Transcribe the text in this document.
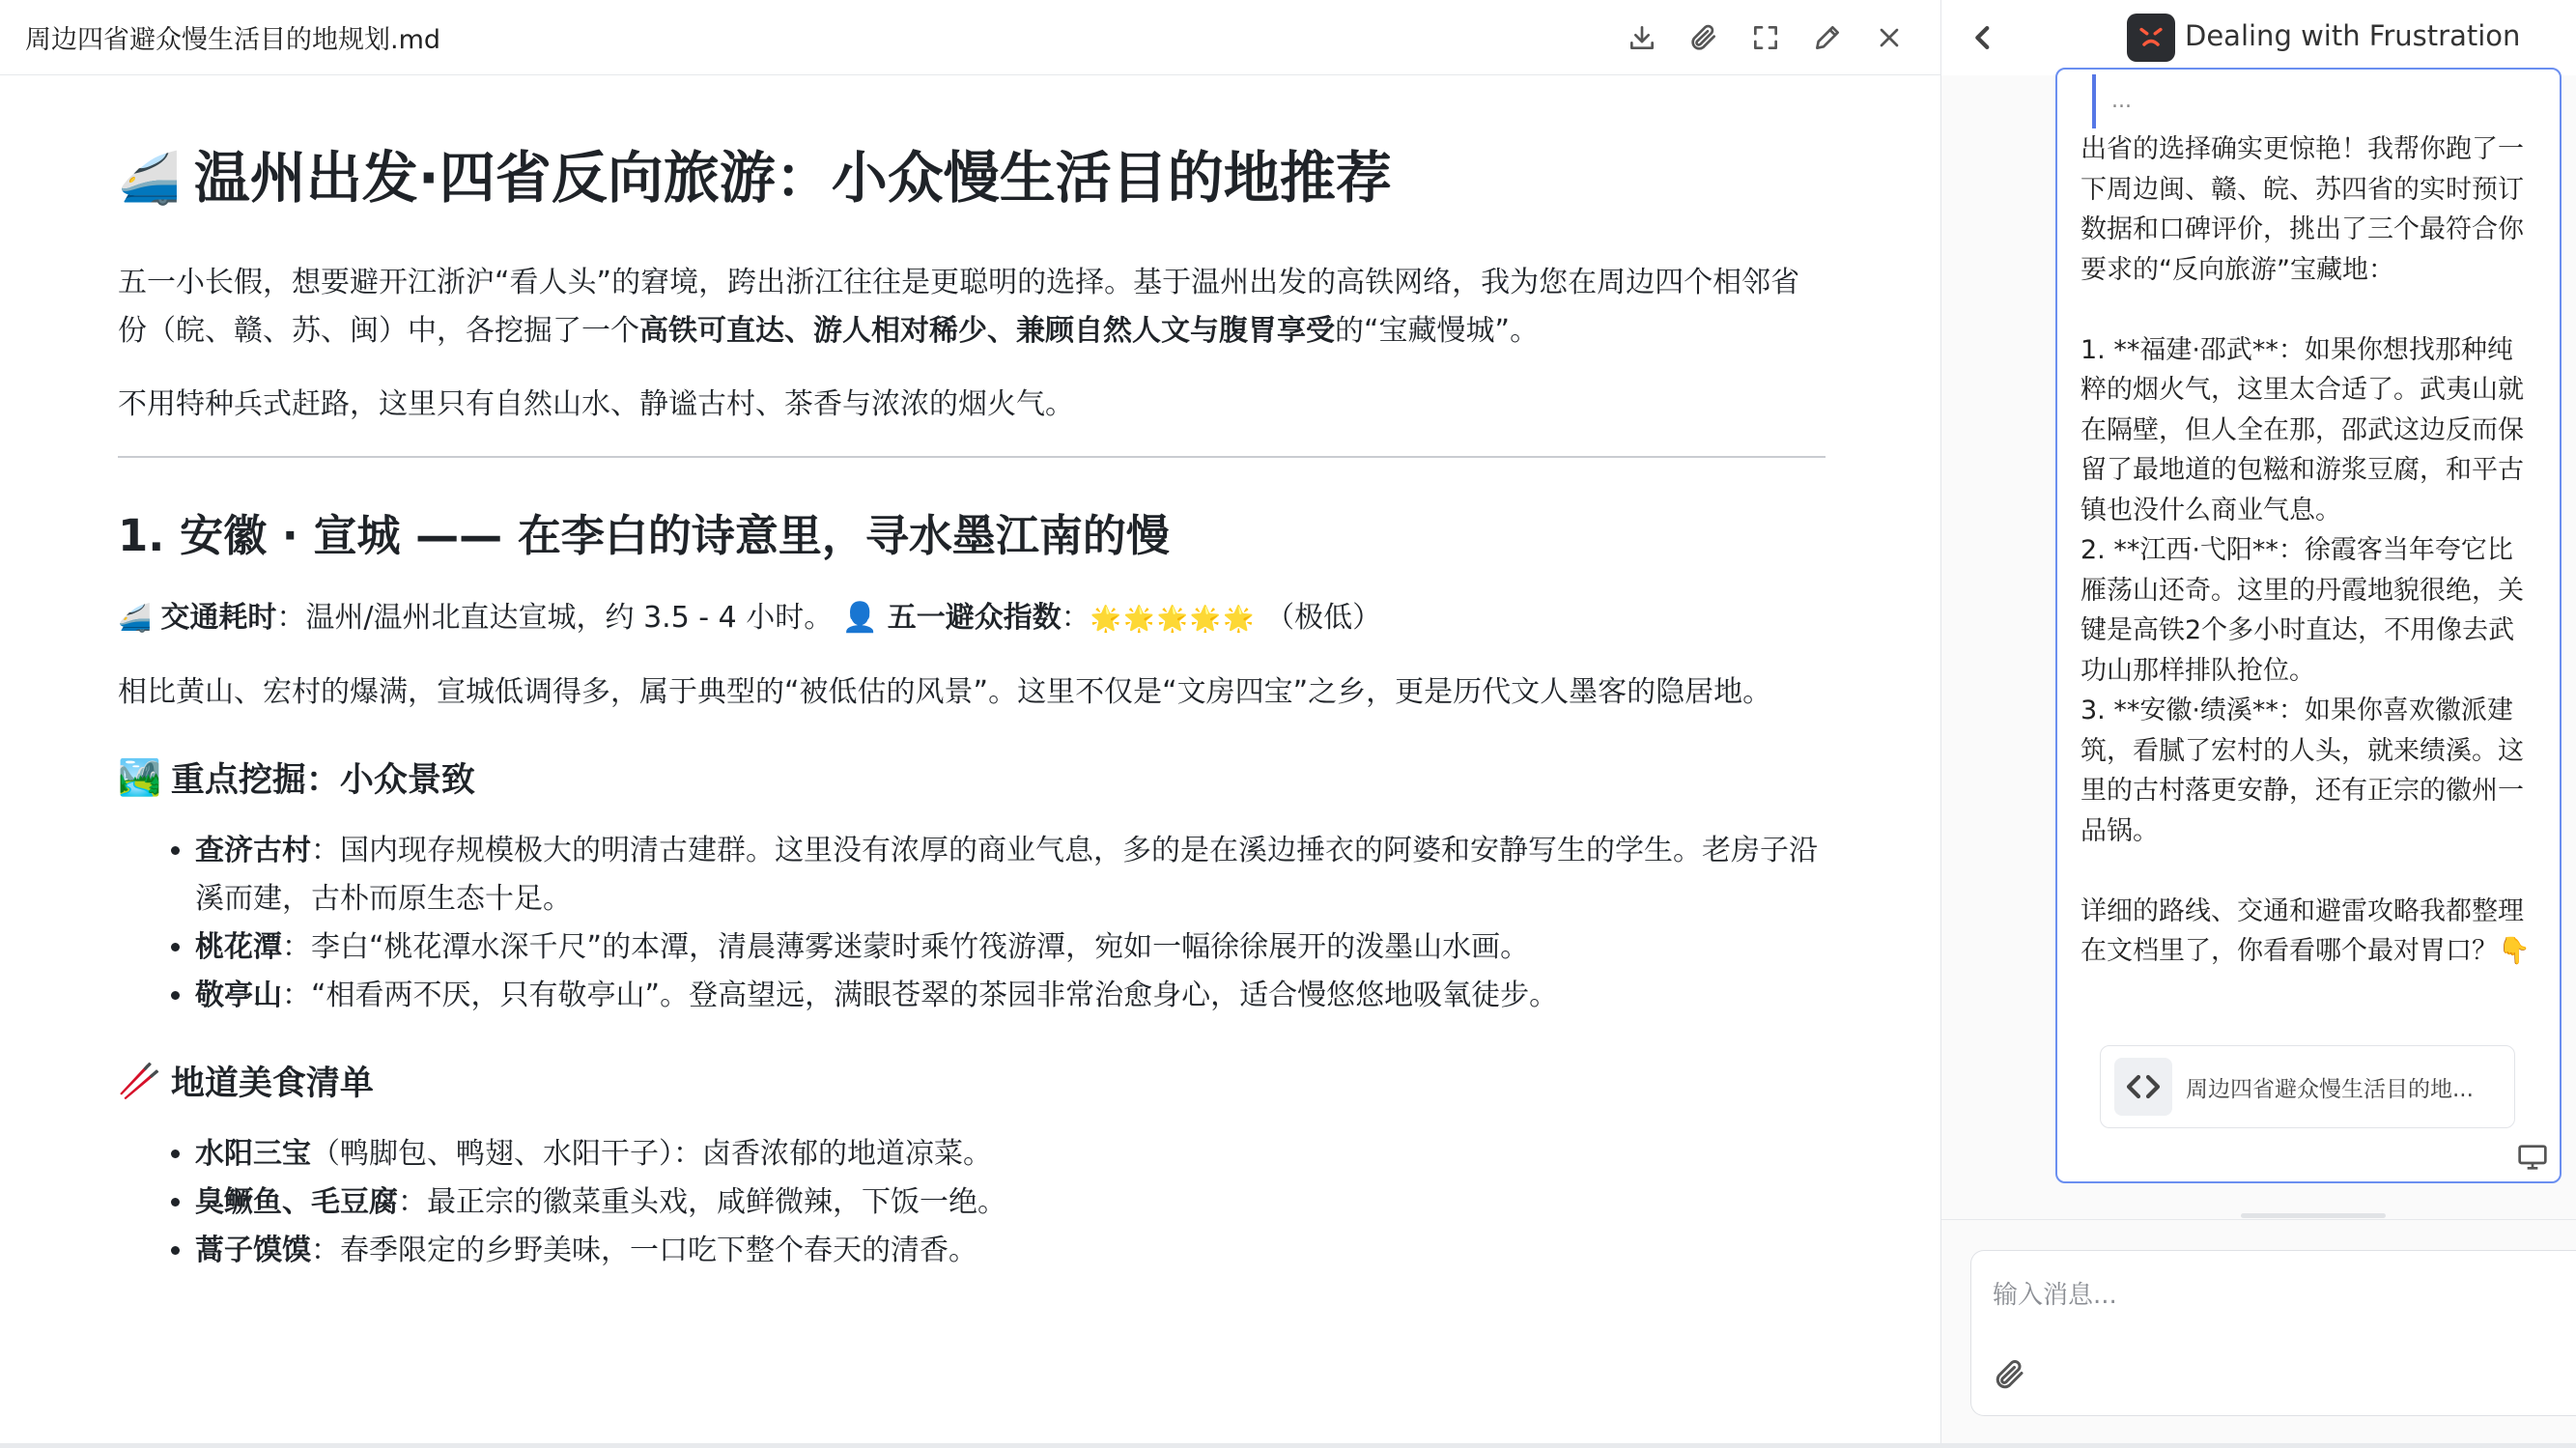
周边四省避众慢生活目的地规划.md
🚄 温州出发·四省反向旅游：小众慢生活目的地推荐

五一小长假，想要避开江浙沪“看人头”的窘境，跨出浙江往往是更聪明的选择。基于温州出发的高铁网络，我为您在周边四个相邻省份（皖、赣、苏、闽）中，各挖掘了一个高铁可直达、游人相对稀少、兼顾自然人文与腹胃享受的“宝藏慢城”。

不用特种兵式赶路，这里只有自然山水、静谧古村、茶香与浓浓的烟火气。

1. 安徽 · 宣城 —— 在李白的诗意里，寻水墨江南的慢

🚄 交通耗时：温州/温州北直达宣城，约 3.5 - 4 小时。 👤 五一避众指数：🌟🌟🌟🌟🌟 （极低）

相比黄山、宏村的爆满，宣城低调得多，属于典型的“被低估的风景”。这里不仅是“文房四宝”之乡，更是历代文人墨客的隐居地。

🏞️ 重点挖掘：小众景致
• 查济古村：国内现存规模极大的明清古建群。这里没有浓厚的商业气息，多的是在溪边捶衣的阿婆和安静写生的学生。老房子沿溪而建，古朴而原生态十足。
• 桃花潭：李白“桃花潭水深千尺”的本潭，清晨薄雾迷蒙时乘竹筏游潭，宛如一幅徐徐展开的泼墨山水画。
• 敬亭山：“相看两不厌，只有敬亭山”。登高望远，满眼苍翠的茶园非常治愈身心，适合慢悠悠地吸氧徒步。
🥢 地道美食清单
• 水阳三宝（鸭脚包、鸭翅、水阳干子）：卤香浓郁的地道凉菜。
• 臭鳜鱼、毛豆腐：最正宗的徽菜重头戏，咸鲜微辣，下饭一绝。
• 蒿子馍馍：春季限定的乡野美味，一口吃下整个春天的清香。
Dealing with Frustration
...
出省的选择确实更惊艳！我帮你跑了一下周边闽、赣、皖、苏四省的实时预订数据和口碑评价，挑出了三个最符合你要求的“反向旅游”宝藏地：

1. **福建·邵武**：如果你想找那种纯粹的烟火气，这里太合适了。武夷山就在隔壁，但人全在那，邵武这边反而保留了最地道的包糍和游浆豆腐，和平古镇也没什么商业气息。
2. **江西·弋阳**：徐霞客当年夸它比雁荡山还奇。这里的丹霞地貌很绝，关键是高铁2个多小时直达，不用像去武功山那样排队抢位。
3. **安徽·绩溪**：如果你喜欢徽派建筑，看腻了宏村的人头，就来绩溪。这里的古村落更安静，还有正宗的徽州一品锅。

详细的路线、交通和避雷攻略我都整理在文档里了，你看看哪个最对胃口？👇
周边四省避众慢生活目的地...
输入消息...
